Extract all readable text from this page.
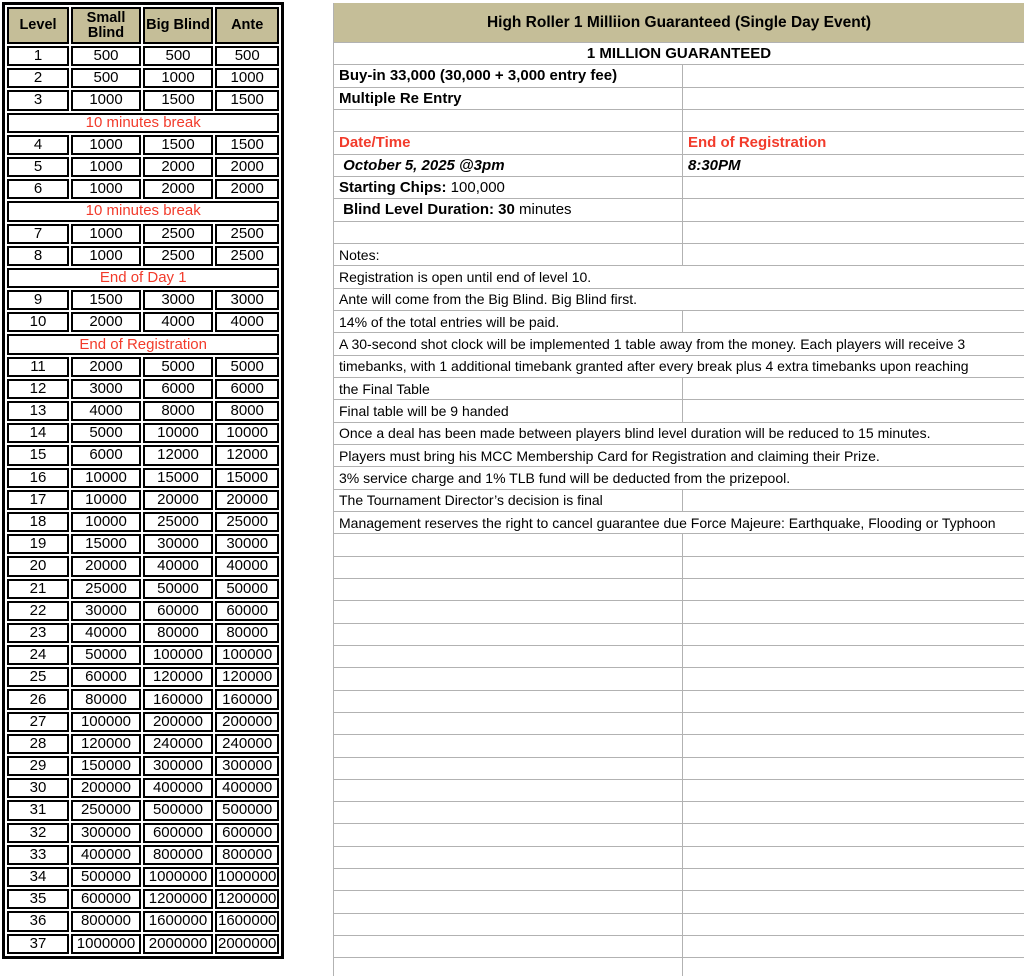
Level	Small Blind	Big Blind	Ante
1	500	500	500
2	500	1000	1000
3	1000	1500	1500
10 minutes break			
4	1000	1500	1500
5	1000	2000	2000
6	1000	2000	2000
10 minutes break			
7	1000	2500	2500
8	1000	2500	2500
End of Day 1			
9	1500	3000	3000
10	2000	4000	4000
End of Registration			
11	2000	5000	5000
12	3000	6000	6000
13	4000	8000	8000
14	5000	10000	10000
15	6000	12000	12000
16	10000	15000	15000
17	10000	20000	20000
18	10000	25000	25000
19	15000	30000	30000
20	20000	40000	40000
21	25000	50000	50000
22	30000	60000	60000
23	40000	80000	80000
24	50000	100000	100000
25	60000	120000	120000
26	80000	160000	160000
27	100000	200000	200000
28	120000	240000	240000
29	150000	300000	300000
30	200000	400000	400000
31	250000	500000	500000
32	300000	600000	600000
33	400000	800000	800000
34	500000	1000000	1000000
35	600000	1200000	1200000
36	800000	1600000	1600000
37	1000000	2000000	2000000
High Roller 1 Milliion Guaranteed (Single Day Event)
1 MILLION GUARANTEED
Buy-in 33,000 (30,000 + 3,000 entry fee)
Multiple Re Entry
Date/Time	End of Registration
October 5, 2025 @3pm	8:30PM
Starting Chips: 100,000
Blind Level Duration: 30 minutes
Notes:
Registration is open until end of level 10.
Ante will come from the Big Blind. Big Blind first.
14% of the total entries will be paid.
A 30-second shot clock will be implemented 1 table away from the money. Each players will receive 3
timebanks, with 1 additional timebank granted after every break plus 4 extra timebanks upon reaching
the Final Table
Final table will be 9 handed
Once a deal has been made between players blind level duration will be reduced to 15 minutes.
Players must bring his MCC Membership Card for Registration and claiming their Prize.
3% service charge and 1% TLB fund will be deducted from the prizepool.
The Tournament Director’s decision is final
Management reserves the right to cancel guarantee due Force Majeure: Earthquake, Flooding or Typhoon
